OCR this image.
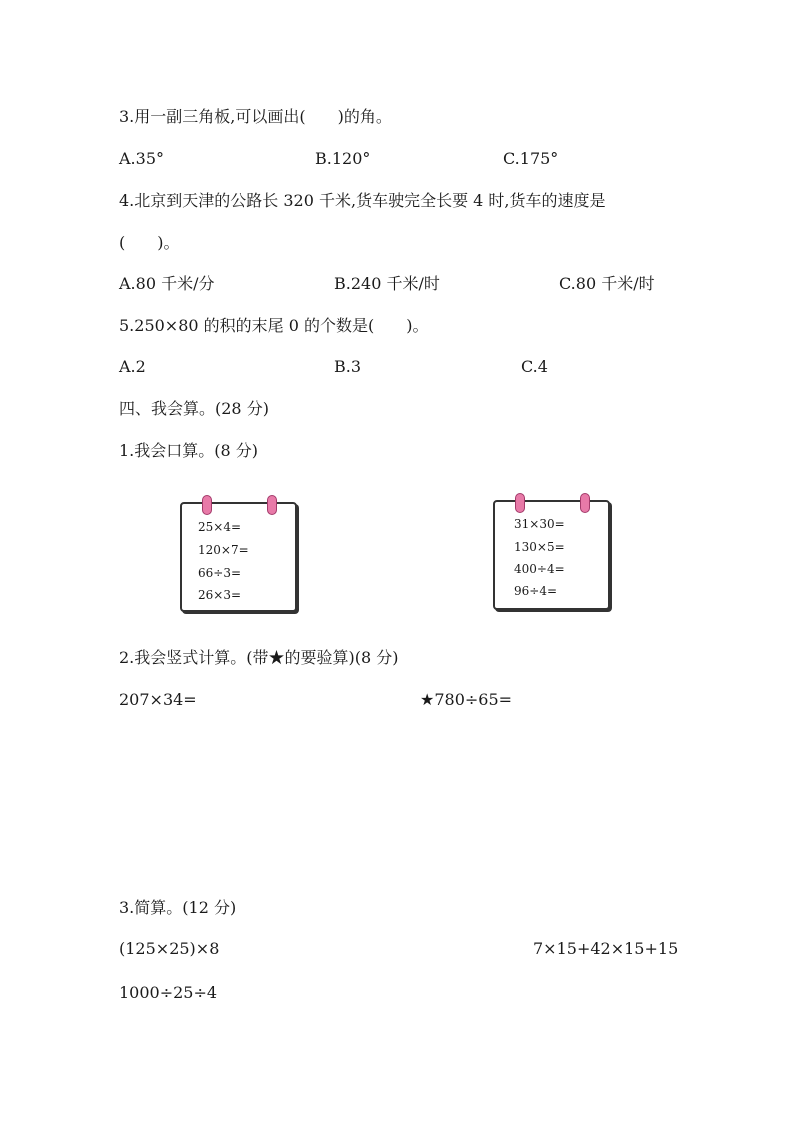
3.用一副三角板,可以画出(　　)的角。
A.35°	B.120°	C.175°
4.北京到天津的公路长 320 千米,货车驶完全长要 4 时,货车的速度是
(　　)。
A.80 千米/分	B.240 千米/时	C.80 千米/时
5.250×80 的积的末尾 0 的个数是(　　)。
A.2	B.3	C.4
四、我会算。(28 分)
1.我会口算。(8 分)
25×4=
120×7=
66÷3=
26×3=
31×30=
130×5=
400÷4=
96÷4=
2.我会竖式计算。(带★的要验算)(8 分)
207×34=	★780÷65=
3.简算。(12 分)
(125×25)×8	7×15+42×15+15
1000÷25÷4
